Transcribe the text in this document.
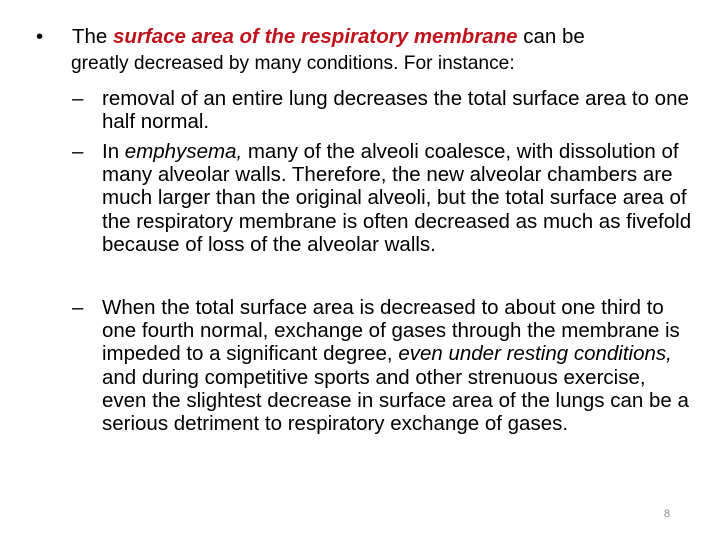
• The surface area of the respiratory membrane can be
greatly decreased by many conditions. For instance:
– removal of an entire lung decreases the total surface area to one half normal.
– In emphysema, many of the alveoli coalesce, with dissolution of many alveolar walls. Therefore, the new alveolar chambers are much larger than the original alveoli, but the total surface area of the respiratory membrane is often decreased as much as fivefold because of loss of the alveolar walls.
– When the total surface area is decreased to about one third to one fourth normal, exchange of gases through the membrane is impeded to a significant degree, even under resting conditions, and during competitive sports and other strenuous exercise, even the slightest decrease in surface area of the lungs can be a serious detriment to respiratory exchange of gases.
8
